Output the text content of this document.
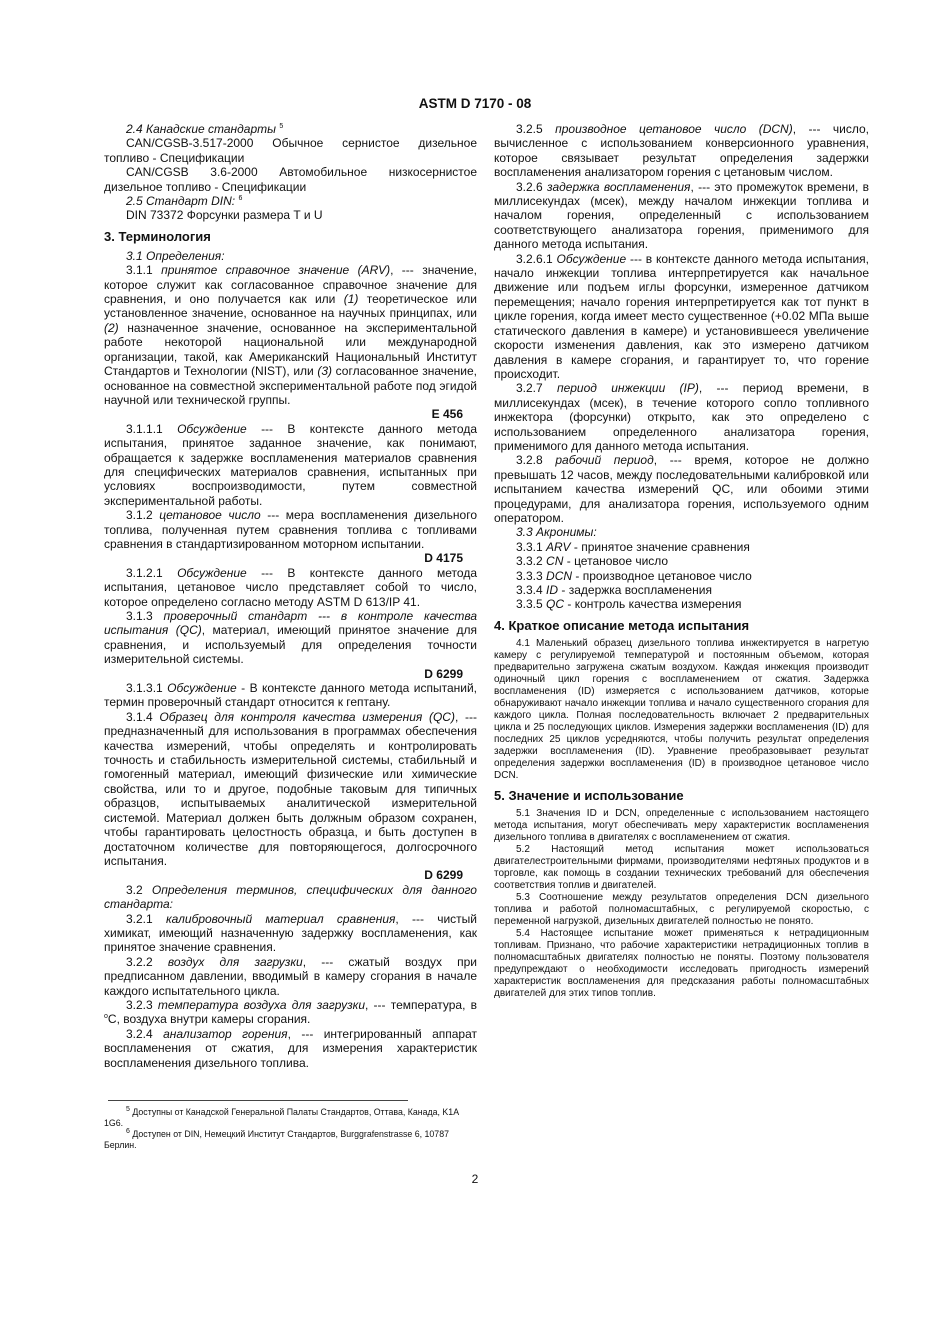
ASTM D 7170 - 08

2.4 Канадские стандарты $^5$

CAN/CGSB-3.517-2000 Обычное сернистое дизельное топливо - Спецификации

CAN/CGSB 3.6-2000 Автомобильное низкосернистое дизельное топливо - Спецификации

2.5 Стандарт DIN: $^6$

DIN 73372 Форсунки размера T и U

3. Терминология

3.1 Определения:

3.1.1 принятое справочное значение (ARV), --- значение, которое служит как согласованное справочное значение для сравнения, и оно получается как или (1) теоретическое или установленное значение, основанное на научных принципах, или (2) назначенное значение, основанное на экспериментальной работе некоторой национальной или международной организации, такой, как Американский Национальный Институт Стандартов и Технологии (NIST), или (3) согласованное значение, основанное на совместной экспериментальной работе под эгидой научной или технической группы.

E 456

3.1.1.1 Обсуждение --- В контексте данного метода испытания, принятое заданное значение, как понимают, обращается к задержке воспламенения материалов сравнения для специфических материалов сравнения, испытанных при условиях воспроизводимости, путем совместной экспериментальной работы.

3.1.2 цетановое число --- мера воспламенения дизельного топлива, полученная путем сравнения топлива с топливами сравнения в стандартизированном моторном испытании.

D 4175

3.1.2.1 Обсуждение --- В контексте данного метода испытания, цетановое число представляет собой то число, которое определено согласно методу ASTM D 613/IP 41.

3.1.3 проверочный стандарт --- в контроле качества испытания (QC), материал, имеющий принятое значение для сравнения, и используемый для определения точности измерительной системы.

D 6299

3.1.3.1 Обсуждение - В контексте данного метода испытаний, термин проверочный стандарт относится к гептану.

3.1.4 Образец для контроля качества измерения (QC), --- предназначенный для использования в программах обеспечения качества измерений, чтобы определять и контролировать точность и стабильность измерительной системы, стабильный и гомогенный материал, имеющий физические или химические свойства, или то и другое, подобные таковым для типичных образцов, испытываемых аналитической измерительной системой. Материал должен быть должным образом сохранен, чтобы гарантировать целостность образца, и быть доступен в достаточном количестве для повторяющегося, долгосрочного испытания.

D 6299

3.2 Определения терминов, специфических для данного стандарта:

3.2.1 калибровочный материал сравнения, --- чистый химикат, имеющий назначенную задержку воспламенения, как принятое значение сравнения.

3.2.2 воздух для загрузки, --- сжатый воздух при предписанном давлении, вводимый в камеру сгорания в начале каждого испытательного цикла.

3.2.3 температура воздуха для загрузки, --- температура, в $^o$C, воздуха внутри камеры сгорания.

3.2.4 анализатор горения, --- интегрированный аппарат воспламенения от сжатия, для измерения характеристик воспламенения дизельного топлива.

3.2.5 производное цетановое число (DCN), --- число, вычисленное с использованием конверсионного уравнения, которое связывает результат определения задержки воспламенения анализатором горения с цетановым числом.

3.2.6 задержка воспламенения, --- это промежуток времени, в миллисекундах (мсек), между началом инжекции топлива и началом горения, определенный с использованием соответствующего анализатора горения, применимого для данного метода испытания.

3.2.6.1 Обсуждение --- в контексте данного метода испытания, начало инжекции топлива интерпретируется как начальное движение или подъем иглы форсунки, измеренное датчиком перемещения; начало горения интерпретируется как тот пункт в цикле горения, когда имеет место существенное (+0.02 МПа выше статического давления в камере) и установившееся увеличение скорости изменения давления, как это измерено датчиком давления в камере сгорания, и гарантирует то, что горение происходит.

3.2.7 период инжекции (IP), --- период времени, в миллисекундах (мсек), в течение которого сопло топливного инжектора (форсунки) открыто, как это определено с использованием определенного анализатора горения, применимого для данного метода испытания.

3.2.8 рабочий период, --- время, которое не должно превышать 12 часов, между последовательными калибровкой или испытанием качества измерений QC, или обоими этими процедурами, для анализатора горения, используемого одним оператором.

3.3 Акронимы:

3.3.1 ARV - принятое значение сравнения

3.3.2 CN - цетановое число

3.3.3 DCN - производное цетановое число

3.3.4 ID - задержка воспламенения

3.3.5 QC - контроль качества измерения

4. Краткое описание метода испытания

4.1 Маленький образец дизельного топлива инжектируется в нагретую камеру с регулируемой температурой и постоянным объемом, которая предварительно загружена сжатым воздухом. Каждая инжекция производит одиночный цикл горения с воспламенением от сжатия. Задержка воспламенения (ID) измеряется с использованием датчиков, которые обнаруживают начало инжекции топлива и начало существенного сгорания для каждого цикла. Полная последовательность включает 2 предварительных цикла и 25 последующих циклов. Измерения задержки воспламенения (ID) для последних 25 циклов усредняются, чтобы получить результат определения задержки воспламенения (ID). Уравнение преобразовывает результат определения задержки воспламенения (ID) в производное цетановое число DCN.

5. Значение и использование

5.1 Значения ID и DCN, определенные с использованием настоящего метода испытания, могут обеспечивать меру характеристик воспламенения дизельного топлива в двигателях с воспламенением от сжатия.

5.2 Настоящий метод испытания может использоваться двигателестроительными фирмами, производителями нефтяных продуктов и в торговле, как помощь в создании технических требований для обеспечения соответствия топлив и двигателей.

5.3 Соотношение между результатов определения DCN дизельного топлива и работой полномасштабных, с регулируемой скоростью, с переменной нагрузкой, дизельных двигателей полностью не понято.

5.4 Настоящее испытание может применяться к нетрадиционным топливам. Признано, что рабочие характеристики нетрадиционных топлив в полномасштабных двигателях полностью не поняты. Поэтому пользователя предупреждают о необходимости исследовать пригодность измерений характеристик воспламенения для предсказания работы полномасштабных двигателей для этих типов топлив.

$^5$ Доступны от Канадской Генеральной Палаты Стандартов, Оттава, Канада, K1A 1G6.

$^6$ Доступен от DIN, Немецкий Институт Стандартов, Burggrafenstrasse 6, 10787 Берлин.

2
